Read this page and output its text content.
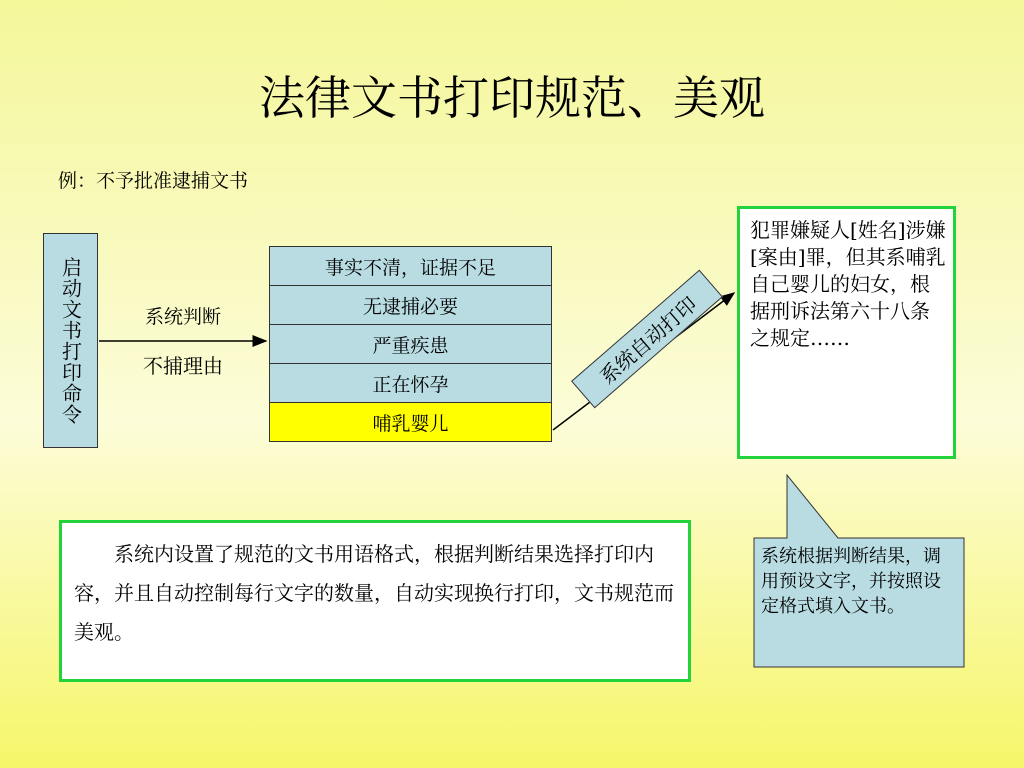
法律文书打印规范、美观
例：不予批准逮捕文书
启动文书打印命令	系统判断
不捕理由
事实不清，证据不足
无逮捕必要
严重疾患
正在怀孕
哺乳婴儿
系统自动打印
犯罪嫌疑人[姓名]涉嫌[案由]罪，但其系哺乳自己婴儿的妇女，根据刑诉法第六十八条之规定……
系统内设置了规范的文书用语格式，根据判断结果选择打印内容，并且自动控制每行文字的数量，自动实现换行打印，文书规范而美观。
系统根据判断结果，调用预设文字，并按照设定格式填入文书。
